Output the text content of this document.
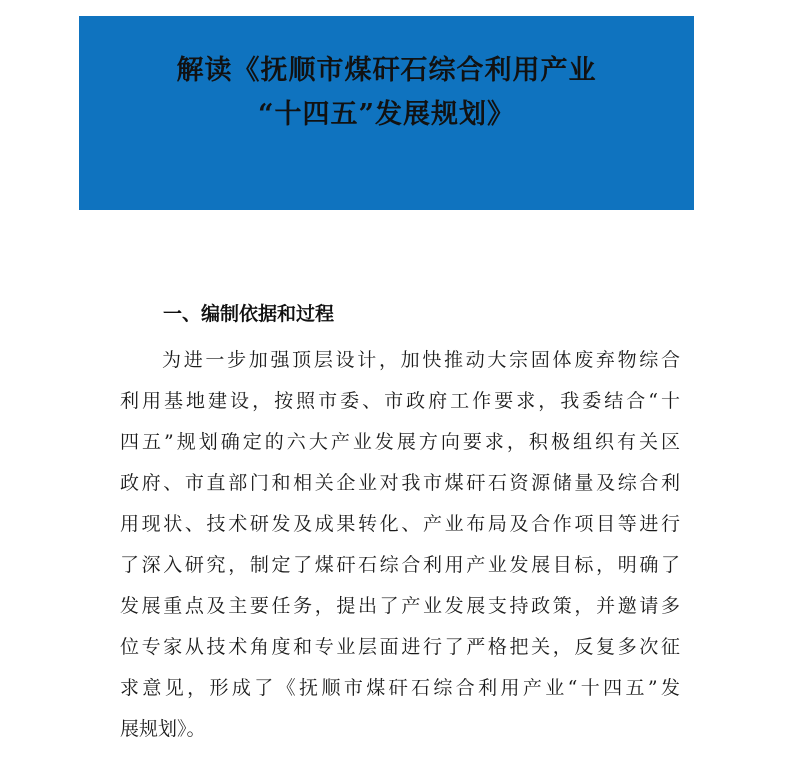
解读《抚顺市煤矸石综合利用产业
“十四五”发展规划》
一、编制依据和过程
为进一步加强顶层设计，加快推动大宗固体废弃物综合
利用基地建设，按照市委、市政府工作要求，我委结合“十
四五”规划确定的六大产业发展方向要求，积极组织有关区
政府、市直部门和相关企业对我市煤矸石资源储量及综合利
用现状、技术研发及成果转化、产业布局及合作项目等进行
了深入研究，制定了煤矸石综合利用产业发展目标，明确了
发展重点及主要任务，提出了产业发展支持政策，并邀请多
位专家从技术角度和专业层面进行了严格把关，反复多次征
求意见，形成了《抚顺市煤矸石综合利用产业“十四五”发
展规划》。
